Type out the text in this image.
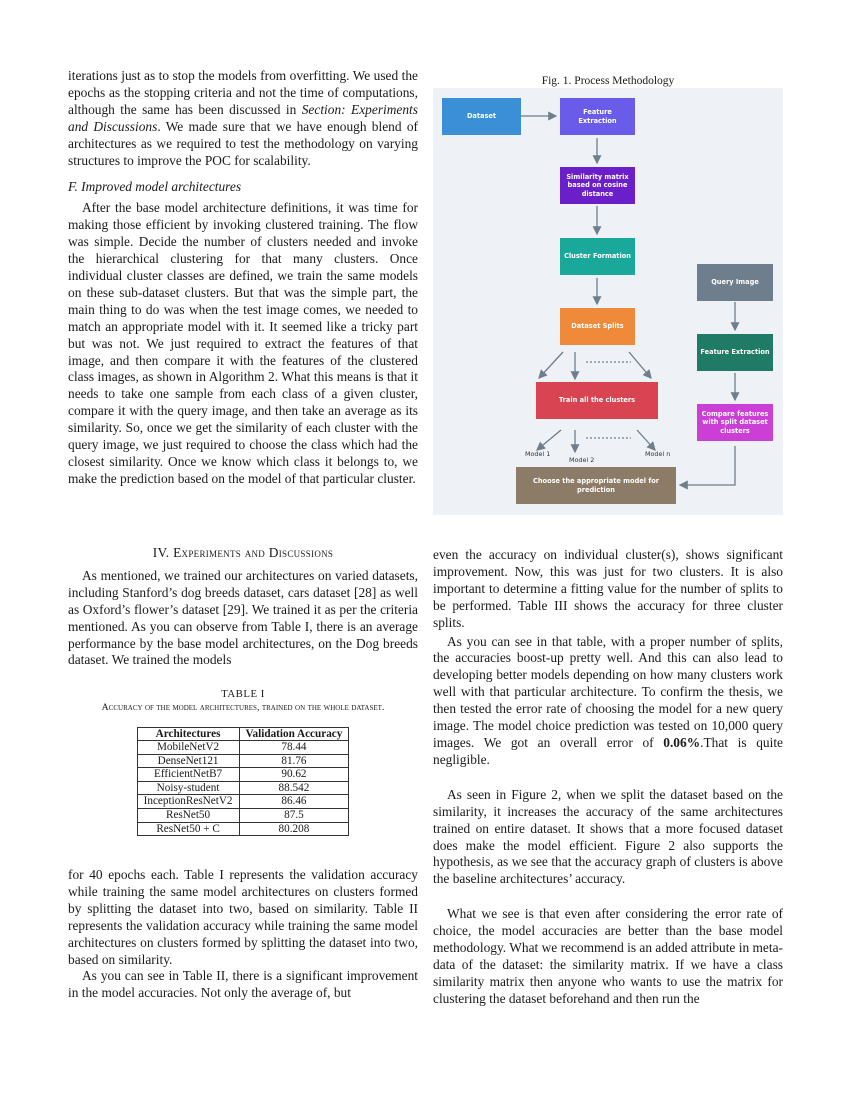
iterations just as to stop the models from overfitting. We used the epochs as the stopping criteria and not the time of computations, although the same has been discussed in Section: Experiments and Discussions. We made sure that we have enough blend of architectures as we required to test the methodology on varying structures to improve the POC for scalability.

F. Improved model architectures

After the base model architecture definitions, it was time for making those efficient by invoking clustered training. The flow was simple. Decide the number of clusters needed and invoke the hierarchical clustering for that many clusters. Once individual cluster classes are defined, we train the same models on these sub-dataset clusters. But that was the simple part, the main thing to do was when the test image comes, we needed to match an appropriate model with it. It seemed like a tricky part but was not. We just required to extract the features of that image, and then compare it with the features of the clustered class images, as shown in Algorithm 2. What this means is that it needs to take one sample from each class of a given cluster, compare it with the query image, and then take an average as its similarity. So, once we get the similarity of each cluster with the query image, we just required to choose the class which had the closest similarity. Once we know which class it belongs to, we make the prediction based on the model of that particular cluster.

Fig. 1. Process Methodology
Dataset
Feature Extraction
Similarity matrix based on cosine distance
Cluster Formation
Dataset Splits
Train all the clusters
Choose the appropriate model for prediction
Query Image
Feature Extraction
Compare features with split dataset clusters
Model 1
Model 2
Model n

IV. Experiments and Discussions

As mentioned, we trained our architectures on varied datasets, including Stanford’s dog breeds dataset, cars dataset [28] as well as Oxford’s flower’s dataset [29]. We trained it as per the criteria mentioned. As you can observe from Table I, there is an average performance by the base model architectures, on the Dog breeds dataset. We trained the models

TABLE I

Accuracy of the model architectures, trained on the whole dataset.

Architectures	Validation Accuracy
MobileNetV2	78.44
DenseNet121	81.76
EfficientNetB7	90.62
Noisy-student	88.542
InceptionResNetV2	86.46
ResNet50	87.5
ResNet50 + C	80.208

for 40 epochs each. Table I represents the validation accuracy while training the same model architectures on clusters formed by splitting the dataset into two, based on similarity. Table II represents the validation accuracy while training the same model architectures on clusters formed by splitting the dataset into two, based on similarity.

As you can see in Table II, there is a significant improvement in the model accuracies. Not only the average of, but

even the accuracy on individual cluster(s), shows significant improvement. Now, this was just for two clusters. It is also important to determine a fitting value for the number of splits to be performed. Table III shows the accuracy for three cluster splits.

As you can see in that table, with a proper number of splits, the accuracies boost-up pretty well. And this can also lead to developing better models depending on how many clusters work well with that particular architecture. To confirm the thesis, we then tested the error rate of choosing the model for a new query image. The model choice prediction was tested on 10,000 query images. We got an overall error of 0.06%.That is quite negligible.

As seen in Figure 2, when we split the dataset based on the similarity, it increases the accuracy of the same architectures trained on entire dataset. It shows that a more focused dataset does make the model efficient. Figure 2 also supports the hypothesis, as we see that the accuracy graph of clusters is above the baseline architectures’ accuracy.

What we see is that even after considering the error rate of choice, the model accuracies are better than the base model methodology. What we recommend is an added attribute in meta-data of the dataset: the similarity matrix. If we have a class similarity matrix then anyone who wants to use the matrix for clustering the dataset beforehand and then run the
